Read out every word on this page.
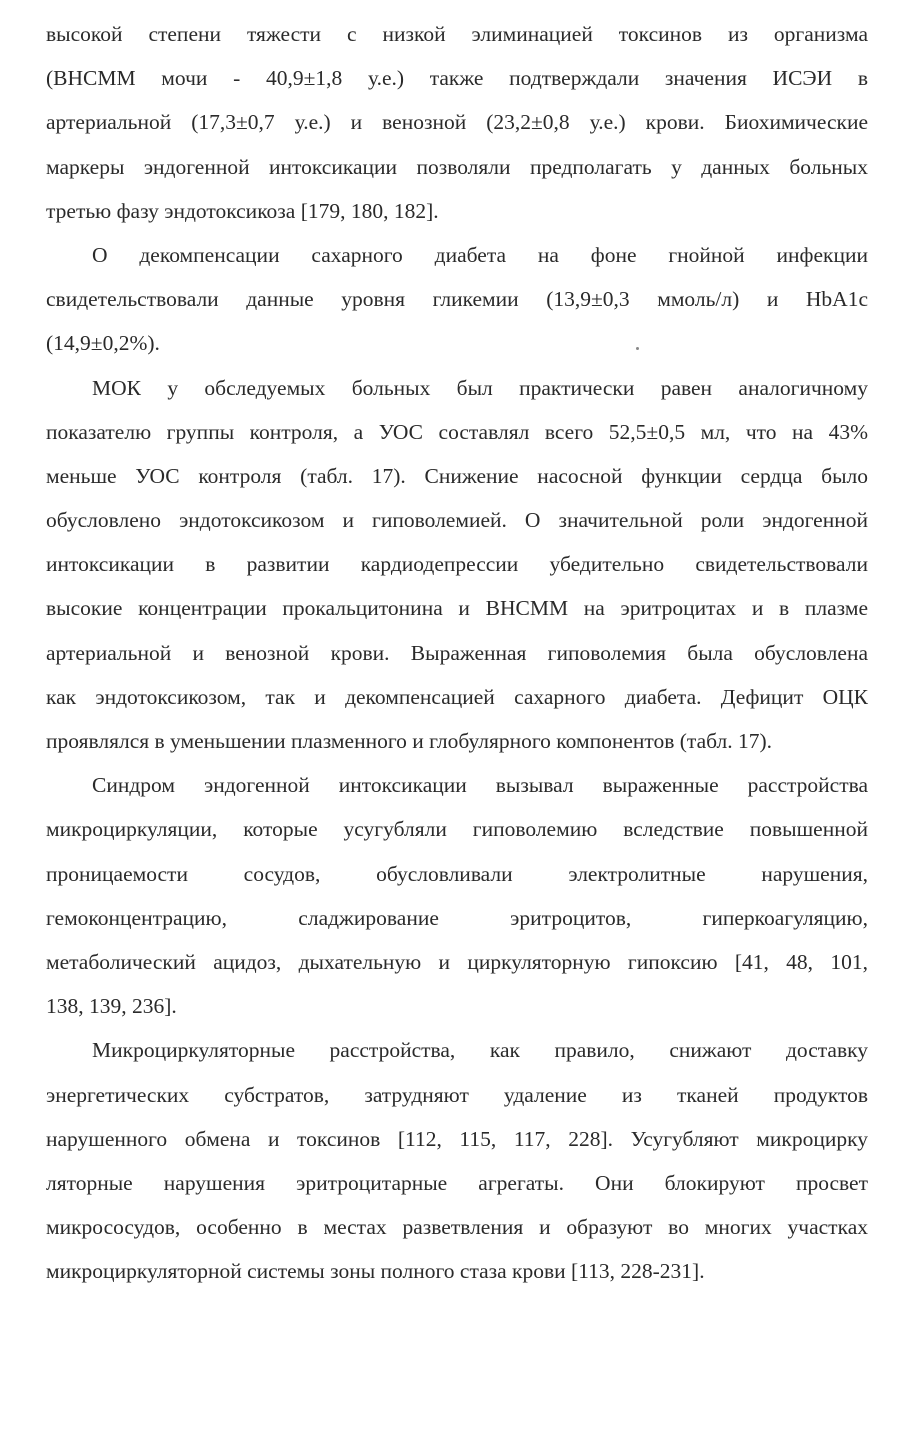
высокой степени тяжести с низкой элиминацией токсинов из организма
(ВНСММ мочи - 40,9±1,8 у.е.) также подтверждали значения ИСЭИ в
артериальной (17,3±0,7 у.е.) и венозной (23,2±0,8 у.е.) крови. Биохимические
маркеры эндогенной интоксикации позволяли предполагать у данных больных
третью фазу эндотоксикоза [179, 180, 182].
О декомпенсации сахарного диабета на фоне гнойной инфекции
свидетельствовали данные уровня гликемии (13,9±0,3 ммоль/л) и HbA1c
(14,9±0,2%).
МОК у обследуемых больных был практически равен аналогичному
показателю группы контроля, а УОС составлял всего 52,5±0,5 мл, что на 43%
меньше УОС контроля (табл. 17). Снижение насосной функции сердца было
обусловлено эндотоксикозом и гиповолемией. О значительной роли эндогенной
интоксикации в развитии кардиодепрессии убедительно свидетельствовали
высокие концентрации прокальцитонина и ВНСММ на эритроцитах и в плазме
артериальной и венозной крови. Выраженная гиповолемия была обусловлена
как эндотоксикозом, так и декомпенсацией сахарного диабета. Дефицит ОЦК
проявлялся в уменьшении плазменного и глобулярного компонентов (табл. 17).
Синдром эндогенной интоксикации вызывал выраженные расстройства
микроциркуляции, которые усугубляли гиповолемию вследствие повышенной
проницаемости сосудов, обусловливали электролитные нарушения,
гемоконцентрацию, сладжирование эритроцитов, гиперкоагуляцию,
метаболический ацидоз, дыхательную и циркуляторную гипоксию [41, 48, 101,
138, 139, 236].
Микроциркуляторные расстройства, как правило, снижают доставку
энергетических субстратов, затрудняют удаление из тканей продуктов
нарушенного обмена и токсинов [112, 115, 117, 228]. Усугубляют микроцирку
ляторные нарушения эритроцитарные агрегаты. Они блокируют просвет
микрососудов, особенно в местах разветвления и образуют во многих участках
микроциркуляторной системы зоны полного стаза крови [113, 228-231].
